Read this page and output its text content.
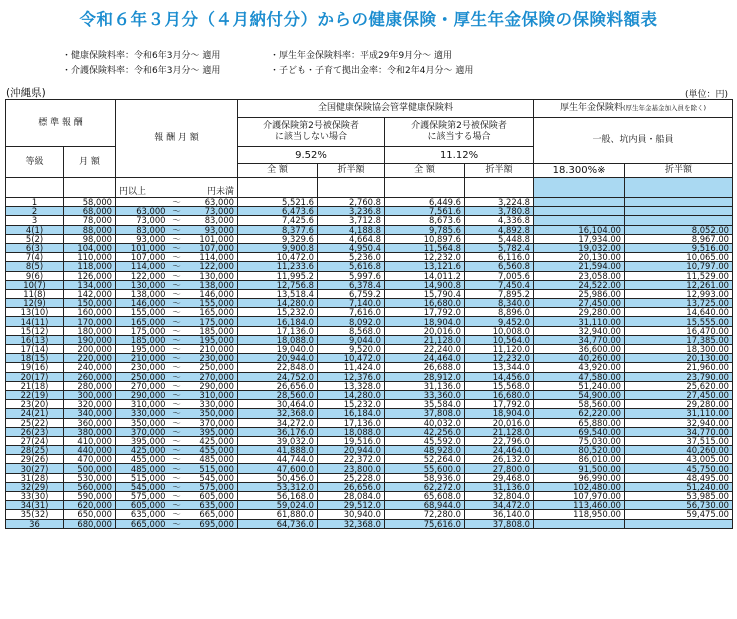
令和６年３月分（４月納付分）からの健康保険・厚生年金保険の保険料額表
・健康保険料率：令和6年3月分～ 適用
・介護保険料率：令和6年3月分～ 適用
・厚生年金保険料率：平成29年9月分～ 適用
・子ども・子育て拠出金率：令和2年4月分～ 適用
(沖縄県)	(単位：円)
標 準 報 酬		報 酬 月 額	全国健康保険協会管掌健康保険料				厚生年金保険料(厚生年金基金加入員を除く)	
			介護保険第2号被保険者
に該当しない場合		介護保険第2号被保険者
に該当する場合		一般、坑内員・船員	
等級	月 額		9.52%		11.12%			
			全 額	折半額	全 額	折半額	18.300%※	折半額

		円以上 円未満						

1	58,000	～ 63,000	5,521.6	2,760.8	6,449.6	3,224.8		
2	68,000	63,000 ～ 73,000	6,473.6	3,236.8	7,561.6	3,780.8		
3	78,000	73,000 ～ 83,000	7,425.6	3,712.8	8,673.6	4,336.8		
4(1)	88,000	83,000 ～ 93,000	8,377.6	4,188.8	9,785.6	4,892.8	16,104.00	8,052.00
5(2)	98,000	93,000 ～ 101,000	9,329.6	4,664.8	10,897.6	5,448.8	17,934.00	8,967.00
6(3)	104,000	101,000 ～ 107,000	9,900.8	4,950.4	11,564.8	5,782.4	19,032.00	9,516.00
7(4)	110,000	107,000 ～ 114,000	10,472.0	5,236.0	12,232.0	6,116.0	20,130.00	10,065.00
8(5)	118,000	114,000 ～ 122,000	11,233.6	5,616.8	13,121.6	6,560.8	21,594.00	10,797.00
9(6)	126,000	122,000 ～ 130,000	11,995.2	5,997.6	14,011.2	7,005.6	23,058.00	11,529.00
10(7)	134,000	130,000 ～ 138,000	12,756.8	6,378.4	14,900.8	7,450.4	24,522.00	12,261.00
11(8)	142,000	138,000 ～ 146,000	13,518.4	6,759.2	15,790.4	7,895.2	25,986.00	12,993.00
12(9)	150,000	146,000 ～ 155,000	14,280.0	7,140.0	16,680.0	8,340.0	27,450.00	13,725.00
13(10)	160,000	155,000 ～ 165,000	15,232.0	7,616.0	17,792.0	8,896.0	29,280.00	14,640.00
14(11)	170,000	165,000 ～ 175,000	16,184.0	8,092.0	18,904.0	9,452.0	31,110.00	15,555.00
15(12)	180,000	175,000 ～ 185,000	17,136.0	8,568.0	20,016.0	10,008.0	32,940.00	16,470.00
16(13)	190,000	185,000 ～ 195,000	18,088.0	9,044.0	21,128.0	10,564.0	34,770.00	17,385.00
17(14)	200,000	195,000 ～ 210,000	19,040.0	9,520.0	22,240.0	11,120.0	36,600.00	18,300.00
18(15)	220,000	210,000 ～ 230,000	20,944.0	10,472.0	24,464.0	12,232.0	40,260.00	20,130.00
19(16)	240,000	230,000 ～ 250,000	22,848.0	11,424.0	26,688.0	13,344.0	43,920.00	21,960.00
20(17)	260,000	250,000 ～ 270,000	24,752.0	12,376.0	28,912.0	14,456.0	47,580.00	23,790.00
21(18)	280,000	270,000 ～ 290,000	26,656.0	13,328.0	31,136.0	15,568.0	51,240.00	25,620.00
22(19)	300,000	290,000 ～ 310,000	28,560.0	14,280.0	33,360.0	16,680.0	54,900.00	27,450.00
23(20)	320,000	310,000 ～ 330,000	30,464.0	15,232.0	35,584.0	17,792.0	58,560.00	29,280.00
24(21)	340,000	330,000 ～ 350,000	32,368.0	16,184.0	37,808.0	18,904.0	62,220.00	31,110.00
25(22)	360,000	350,000 ～ 370,000	34,272.0	17,136.0	40,032.0	20,016.0	65,880.00	32,940.00
26(23)	380,000	370,000 ～ 395,000	36,176.0	18,088.0	42,256.0	21,128.0	69,540.00	34,770.00
27(24)	410,000	395,000 ～ 425,000	39,032.0	19,516.0	45,592.0	22,796.0	75,030.00	37,515.00
28(25)	440,000	425,000 ～ 455,000	41,888.0	20,944.0	48,928.0	24,464.0	80,520.00	40,260.00
29(26)	470,000	455,000 ～ 485,000	44,744.0	22,372.0	52,264.0	26,132.0	86,010.00	43,005.00
30(27)	500,000	485,000 ～ 515,000	47,600.0	23,800.0	55,600.0	27,800.0	91,500.00	45,750.00
31(28)	530,000	515,000 ～ 545,000	50,456.0	25,228.0	58,936.0	29,468.0	96,990.00	48,495.00
32(29)	560,000	545,000 ～ 575,000	53,312.0	26,656.0	62,272.0	31,136.0	102,480.00	51,240.00
33(30)	590,000	575,000 ～ 605,000	56,168.0	28,084.0	65,608.0	32,804.0	107,970.00	53,985.00
34(31)	620,000	605,000 ～ 635,000	59,024.0	29,512.0	68,944.0	34,472.0	113,460.00	56,730.00
35(32)	650,000	635,000 ～ 665,000	61,880.0	30,940.0	72,280.0	36,140.0	118,950.00	59,475.00
36	680,000	665,000 ～ 695,000	64,736.0	32,368.0	75,616.0	37,808.0		
